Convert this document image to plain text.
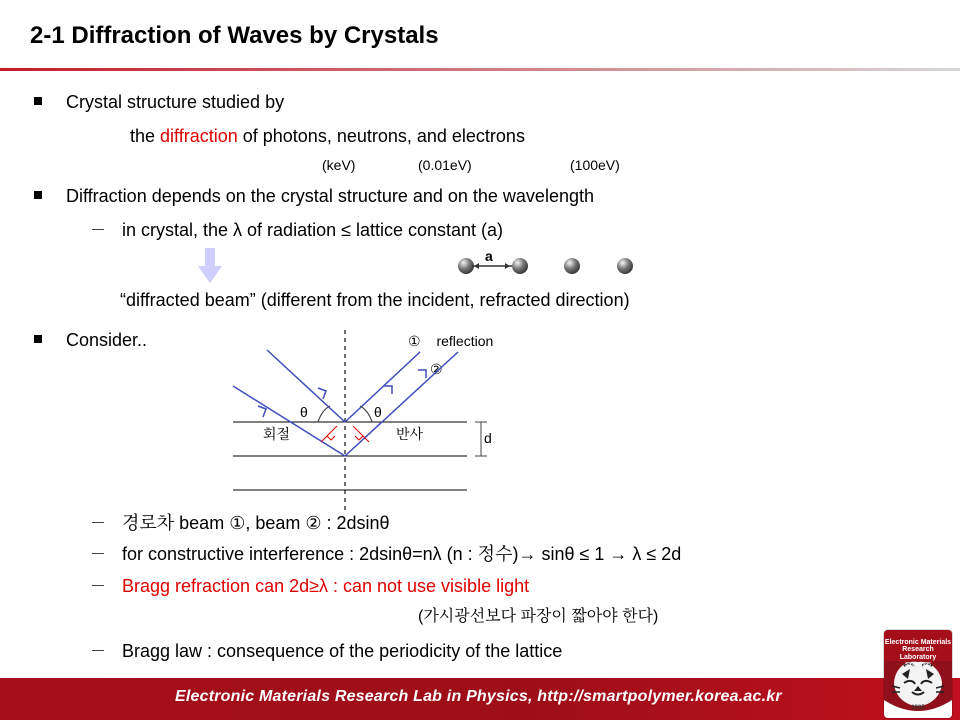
2-1 Diffraction of Waves by Crystals
Crystal structure studied by
the diffraction of photons, neutrons, and electrons
(keV)	(0.01eV)	(100eV)
Diffraction depends on the crystal structure and on the wavelength
in crystal, the λ of radiation ≤ lattice constant (a)
a
“diffracted beam” (different from the incident, refracted direction)
Consider..	① reflection
②
θ	θ
회절	반사	d
경로차 beam ①, beam ② : 2dsinθ
for constructive interference : 2dsinθ=nλ (n : 정수)→ sinθ ≤ 1 → λ ≤ 2d
Bragg refraction can 2d≥λ : can not use visible light
(가시광선보다 파장이 짧아야 한다)
Bragg law : consequence of the periodicity of the lattice
Electronic Materials Research Lab in Physics, http://smartpolymer.korea.ac.kr
Electronic Materials Research Laboratory
Since 1995
1905
